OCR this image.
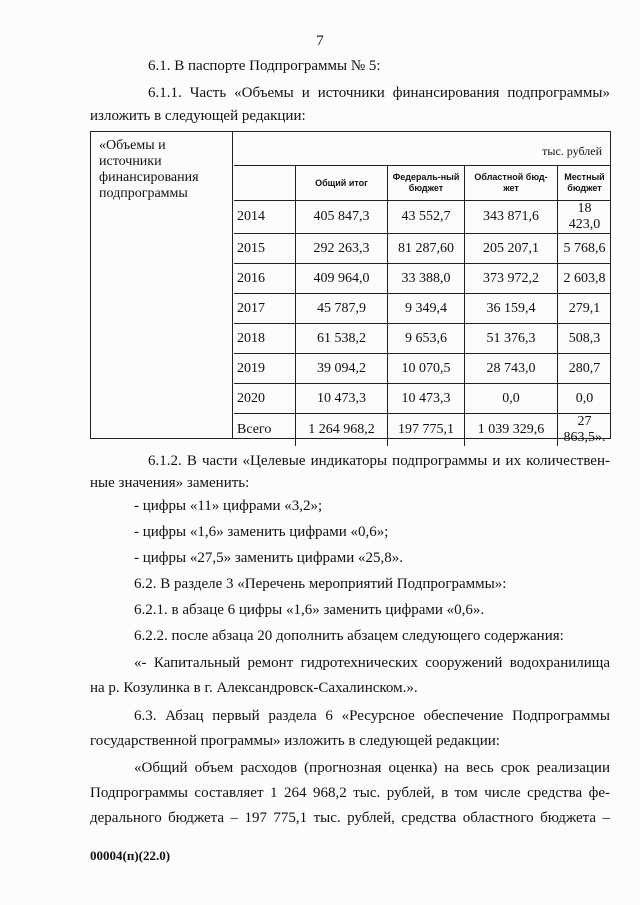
7
6.1. В паспорте Подпрограммы № 5:
6.1.1. Часть «Объемы и источники финансирования подпрограммы»
изложить в следующей редакции:
«Объемы и источники финансирования подпрограммы
тыс. рублей
	Общий итог	Федераль-ный бюджет	Областной бюд-жет	Местный бюджет
2014	405 847,3	43 552,7	343 871,6	18 423,0
2015	292 263,3	81 287,60	205 207,1	5 768,6
2016	409 964,0	33 388,0	373 972,2	2 603,8
2017	45 787,9	9 349,4	36 159,4	279,1
2018	61 538,2	9 653,6	51 376,3	508,3
2019	39 094,2	10 070,5	28 743,0	280,7
2020	10 473,3	10 473,3	0,0	0,0
Всего	1 264 968,2	197 775,1	1 039 329,6	27 863,5».
6.1.2. В части «Целевые индикаторы подпрограммы и их количествен-
ные значения» заменить:
- цифры «11» цифрами «3,2»;
- цифры «1,6» заменить цифрами «0,6»;
- цифры «27,5» заменить цифрами «25,8».
6.2. В разделе 3 «Перечень мероприятий Подпрограммы»:
6.2.1. в абзаце 6 цифры «1,6» заменить цифрами «0,6».
6.2.2. после абзаца 20 дополнить абзацем следующего содержания:
«- Капитальный ремонт гидротехнических сооружений водохранилища
на р. Козулинка в г. Александровск-Сахалинском.».
6.3. Абзац первый раздела 6 «Ресурсное обеспечение Подпрограммы
государственной программы» изложить в следующей редакции:
«Общий объем расходов (прогнозная оценка) на весь срок реализации
Подпрограммы составляет 1 264 968,2 тыс. рублей, в том числе средства фе-
дерального бюджета – 197 775,1 тыс. рублей, средства областного бюджета –
00004(п)(22.0)
